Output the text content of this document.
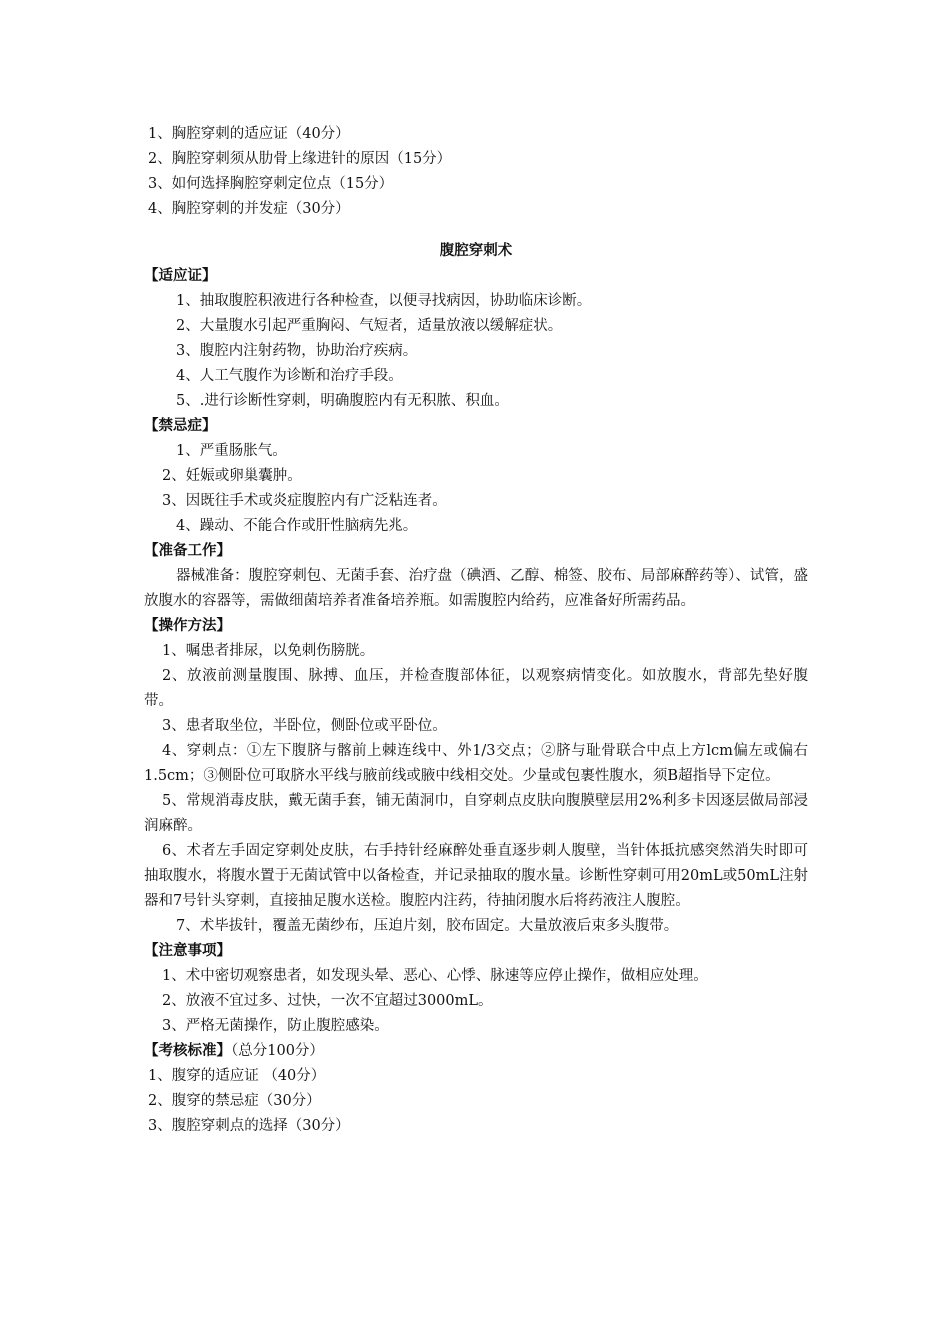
1、胸腔穿刺的适应证（40分）
2、胸腔穿刺须从肋骨上缘进针的原因（15分）
3、如何选择胸腔穿刺定位点（15分）
4、胸腔穿刺的并发症（30分）
腹腔穿刺术
【适应证】
1、抽取腹腔积液进行各种检查，以便寻找病因，协助临床诊断。
2、大量腹水引起严重胸闷、气短者，适量放液以缓解症状。
3、腹腔内注射药物，协助治疗疾病。
4、人工气腹作为诊断和治疗手段。
5、.进行诊断性穿刺，明确腹腔内有无积脓、积血。
【禁忌症】
1、严重肠胀气。
2、妊娠或卵巢囊肿。
3、因既往手术或炎症腹腔内有广泛粘连者。
4、躁动、不能合作或肝性脑病先兆。
【准备工作】
器械准备：腹腔穿刺包、无菌手套、治疗盘（碘酒、乙醇、棉签、胶布、局部麻醉药等）、试管，盛放腹水的容器等，需做细菌培养者准备培养瓶。如需腹腔内给药，应准备好所需药品。
【操作方法】
1、嘱患者排尿，以免刺伤膀胱。
2、放液前测量腹围、脉搏、血压，并检查腹部体征，以观察病情变化。如放腹水，背部先垫好腹带。
3、患者取坐位，半卧位，侧卧位或平卧位。
4、穿刺点：①左下腹脐与髂前上棘连线中、外1/3交点；②脐与耻骨联合中点上方lcm偏左或偏右1.5cm；③侧卧位可取脐水平线与腋前线或腋中线相交处。少量或包裹性腹水，须B超指导下定位。
5、常规消毒皮肤，戴无菌手套，铺无菌洞巾，自穿刺点皮肤向腹膜壁层用2%利多卡因逐层做局部浸润麻醉。
6、术者左手固定穿刺处皮肤，右手持针经麻醉处垂直逐步刺人腹壁，当针体抵抗感突然消失时即可抽取腹水，将腹水置于无菌试管中以备检查，并记录抽取的腹水量。诊断性穿刺可用20mL或50mL注射器和7号针头穿刺，直接抽足腹水送检。腹腔内注药，待抽闭腹水后将药液注人腹腔。
7、术毕拔针，覆盖无菌纱布，压迫片刻，胶布固定。大量放液后束多头腹带。
【注意事项】
1、术中密切观察患者，如发现头晕、恶心、心悸、脉速等应停止操作，做相应处理。
2、放液不宜过多、过快，一次不宜超过3000mL。
3、严格无菌操作，防止腹腔感染。
【考核标准】（总分100分）
1、腹穿的适应证 （40分）
2、腹穿的禁忌症（30分）
3、腹腔穿刺点的选择（30分）
